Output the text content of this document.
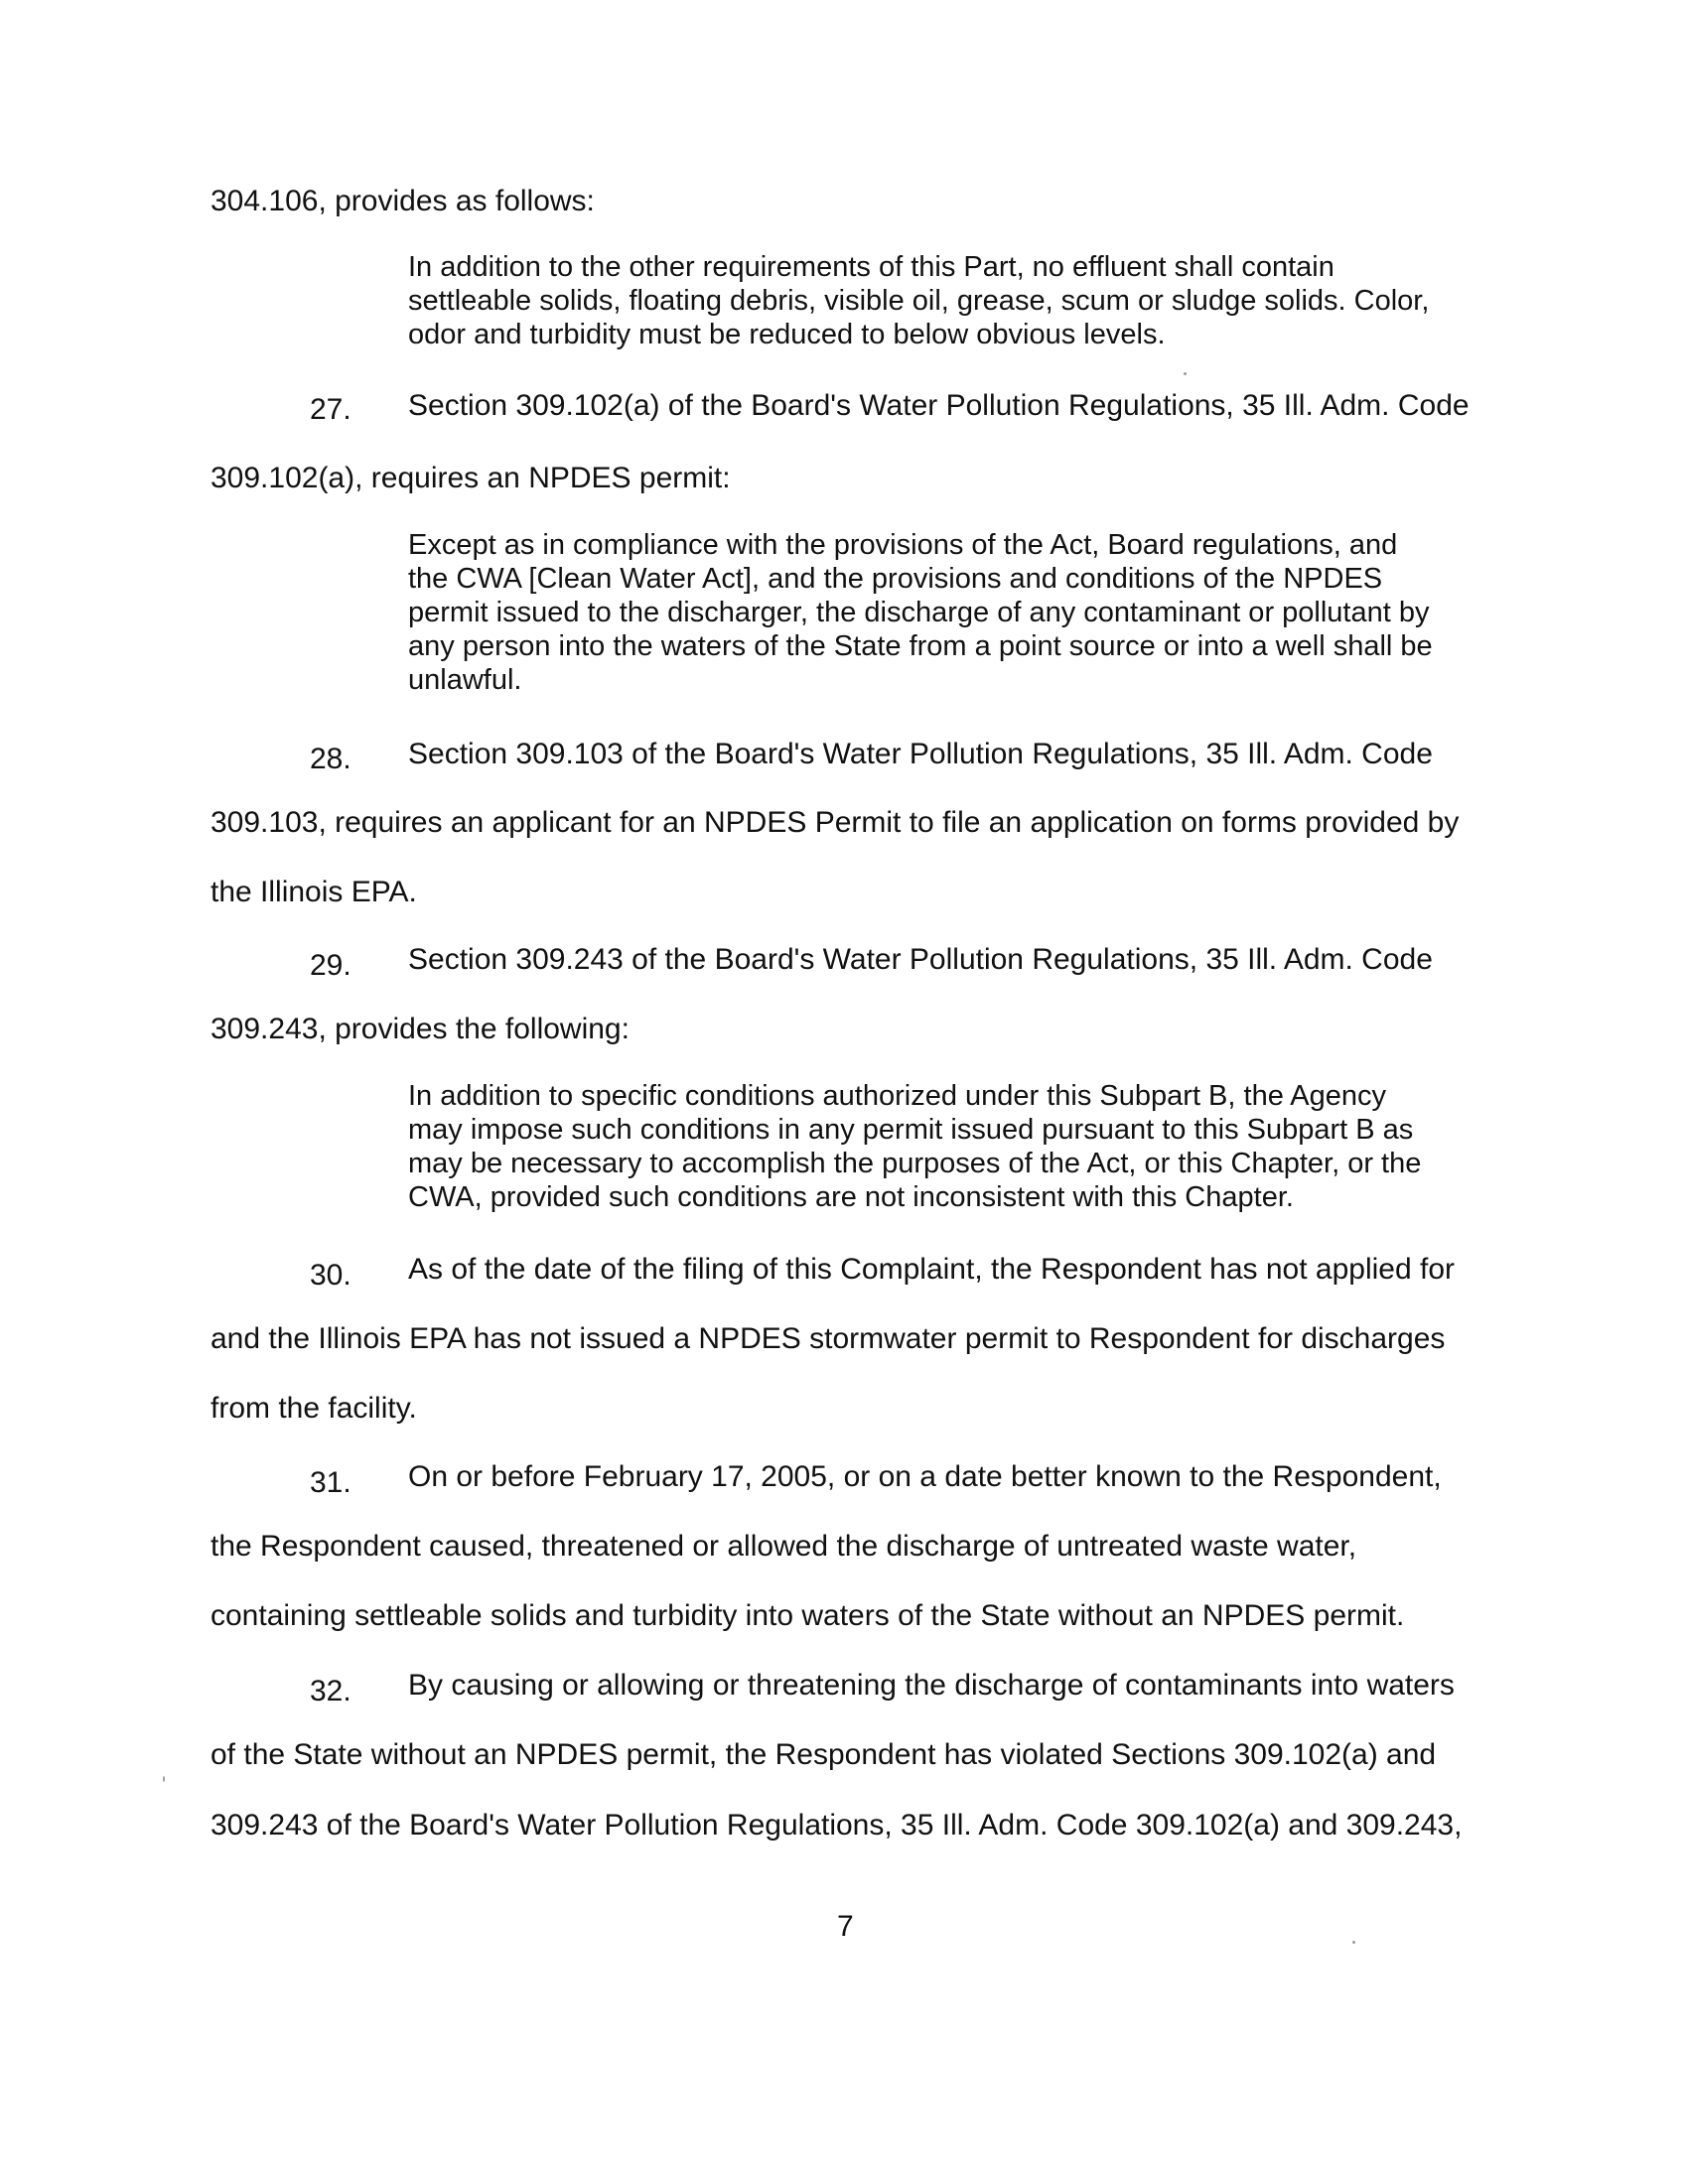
304.106, provides as follows:
In addition to the other requirements of this Part, no effluent shall contain
settleable solids, floating debris, visible oil, grease, scum or sludge solids. Color,
odor and turbidity must be reduced to below obvious levels.
27. Section 309.102(a) of the Board's Water Pollution Regulations, 35 Ill. Adm. Code
309.102(a), requires an NPDES permit:
Except as in compliance with the provisions of the Act, Board regulations, and
the CWA [Clean Water Act], and the provisions and conditions of the NPDES
permit issued to the discharger, the discharge of any contaminant or pollutant by
any person into the waters of the State from a point source or into a well shall be
unlawful.
28. Section 309.103 of the Board's Water Pollution Regulations, 35 Ill. Adm. Code
309.103, requires an applicant for an NPDES Permit to file an application on forms provided by
the Illinois EPA.
29. Section 309.243 of the Board's Water Pollution Regulations, 35 Ill. Adm. Code
309.243, provides the following:
In addition to specific conditions authorized under this Subpart B, the Agency
may impose such conditions in any permit issued pursuant to this Subpart B as
may be necessary to accomplish the purposes of the Act, or this Chapter, or the
CWA, provided such conditions are not inconsistent with this Chapter.
30. As of the date of the filing of this Complaint, the Respondent has not applied for
and the Illinois EPA has not issued a NPDES stormwater permit to Respondent for discharges
from the facility.
31. On or before February 17, 2005, or on a date better known to the Respondent,
the Respondent caused, threatened or allowed the discharge of untreated waste water,
containing settleable solids and turbidity into waters of the State without an NPDES permit.
32. By causing or allowing or threatening the discharge of contaminants into waters
of the State without an NPDES permit, the Respondent has violated Sections 309.102(a) and
309.243 of the Board's Water Pollution Regulations, 35 Ill. Adm. Code 309.102(a) and 309.243,
7
